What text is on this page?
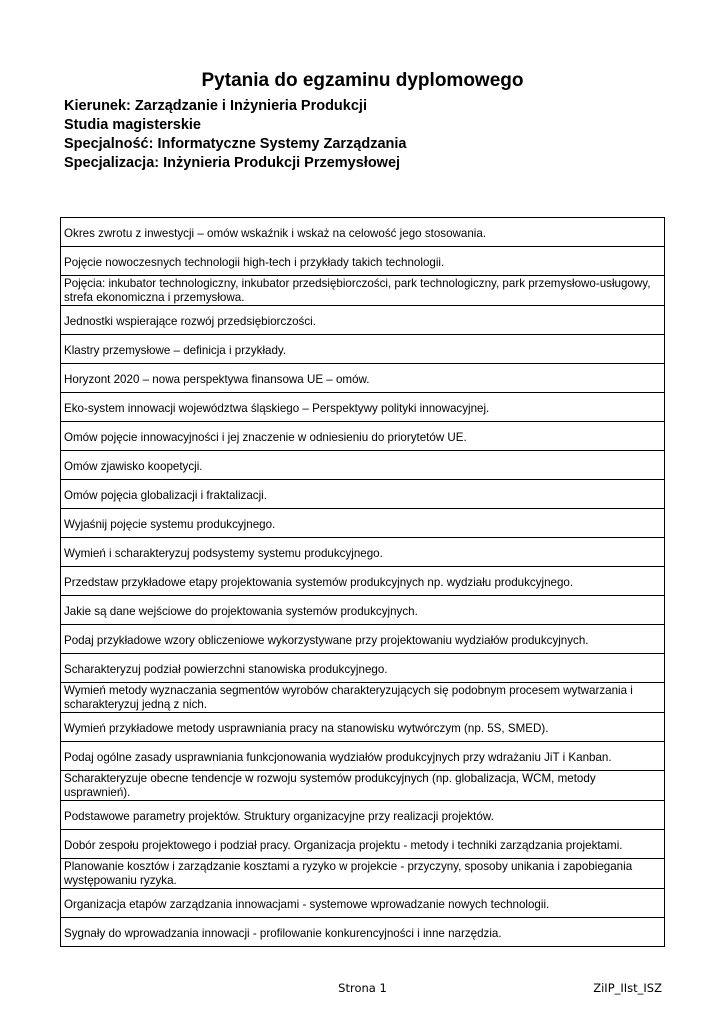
Pytania do egzaminu dyplomowego
Kierunek: Zarządzanie i Inżynieria Produkcji
Studia magisterskie
Specjalność: Informatyczne Systemy Zarządzania
Specjalizacja: Inżynieria Produkcji Przemysłowej
Okres zwrotu z inwestycji – omów wskaźnik i wskaż na celowość jego stosowania.
Pojęcie nowoczesnych technologii high-tech i przykłady takich technologii.
Pojęcia: inkubator technologiczny, inkubator przedsiębiorczości, park technologiczny, park przemysłowo-usługowy, strefa ekonomiczna i przemysłowa.
Jednostki wspierające rozwój przedsiębiorczości.
Klastry przemysłowe – definicja i przykłady.
Horyzont 2020 – nowa perspektywa finansowa UE – omów.
Eko-system innowacji województwa śląskiego – Perspektywy polityki innowacyjnej.
Omów pojęcie innowacyjności i jej znaczenie w odniesieniu do priorytetów UE.
Omów zjawisko koopetycji.
Omów pojęcia globalizacji i fraktalizacji.
Wyjaśnij pojęcie systemu produkcyjnego.
Wymień i scharakteryzuj podsystemy systemu produkcyjnego.
Przedstaw przykładowe etapy projektowania systemów produkcyjnych np. wydziału produkcyjnego.
Jakie są dane wejściowe do projektowania systemów produkcyjnych.
Podaj przykładowe wzory obliczeniowe wykorzystywane przy projektowaniu wydziałów produkcyjnych.
Scharakteryzuj podział powierzchni stanowiska produkcyjnego.
Wymień metody wyznaczania segmentów wyrobów charakteryzujących się podobnym procesem wytwarzania i scharakteryzuj jedną z nich.
Wymień przykładowe metody usprawniania pracy na stanowisku wytwórczym (np. 5S, SMED).
Podaj ogólne zasady usprawniania funkcjonowania wydziałów produkcyjnych przy wdrażaniu JiT i Kanban.
Scharakteryzuje obecne tendencje w rozwoju systemów produkcyjnych (np. globalizacja, WCM, metody usprawnień).
Podstawowe parametry projektów. Struktury organizacyjne przy realizacji projektów.
Dobór zespołu projektowego i podział pracy. Organizacja projektu - metody i techniki zarządzania projektami.
Planowanie kosztów i zarządzanie kosztami a ryzyko w projekcie - przyczyny, sposoby unikania i zapobiegania występowaniu ryzyka.
Organizacja etapów zarządzania innowacjami - systemowe wprowadzanie nowych technologii.
Sygnały do wprowadzania innowacji - profilowanie konkurencyjności i inne narzędzia.
Strona 1	ZiIP_IIst_ISZ
